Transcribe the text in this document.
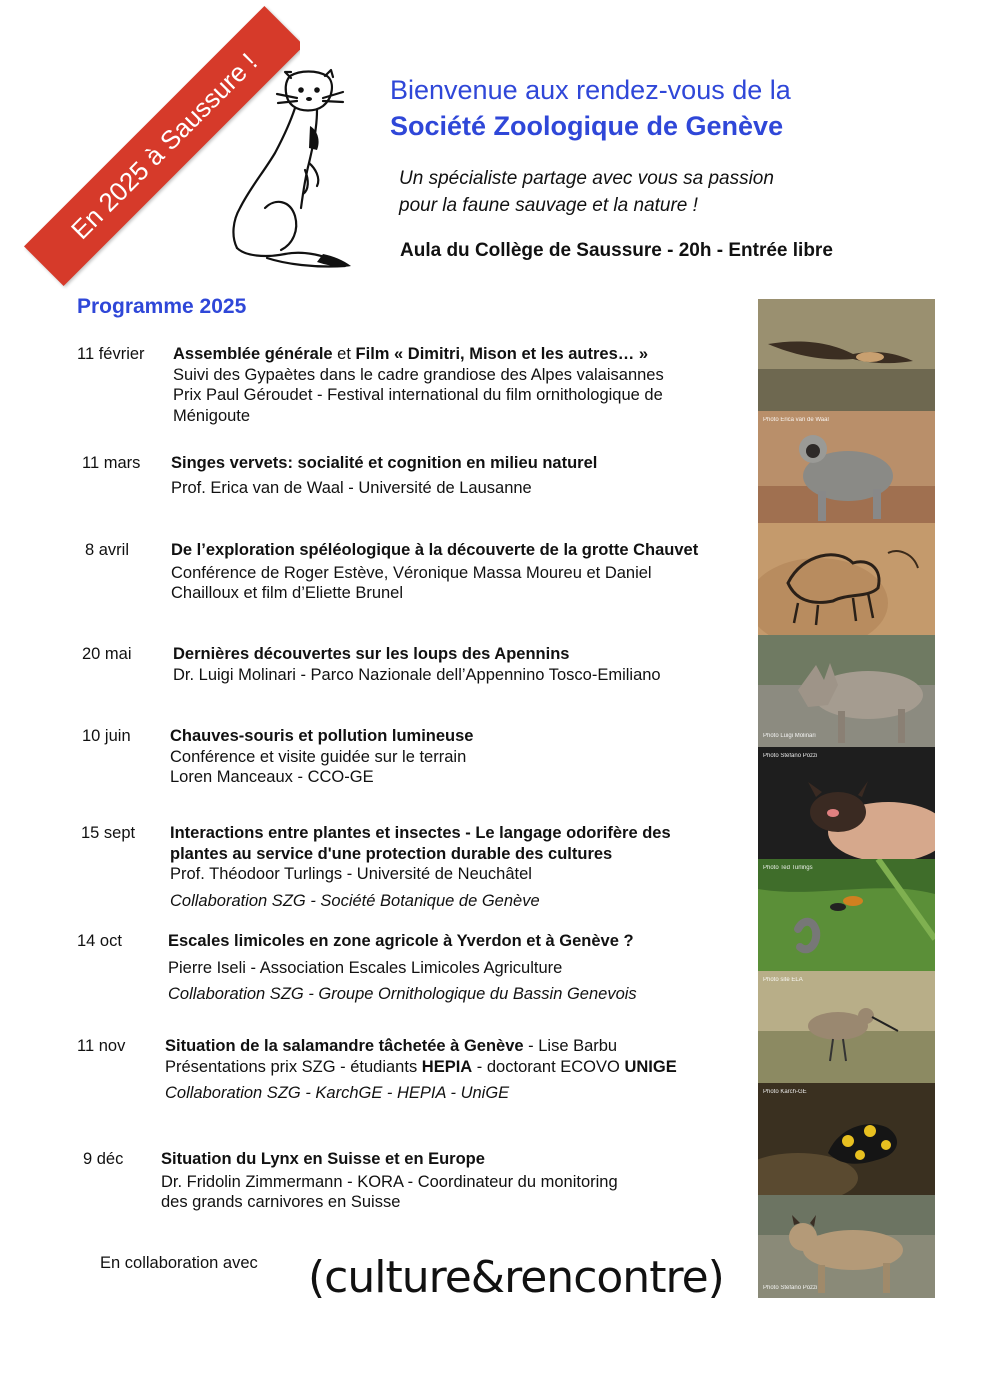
En 2025 à Saussure !	Bienvenue aux rendez-vous de la
Société Zoologique de Genève
Un spécialiste partage avec vous sa passion
pour la faune sauvage et la nature !
Aula du Collège de Saussure - 20h - Entrée libre
Programme 2025
11 février Assemblée générale et Film « Dimitri, Mison et les autres… »
Suivi des Gypaètes dans le cadre grandiose des Alpes valaisannes
Prix Paul Géroudet - Festival international du film ornithologique de
Ménigoute
11 mars Singes vervets: socialité et cognition en milieu naturel
Prof. Erica van de Waal - Université de Lausanne
8 avril	De l’exploration spéléologique à la découverte de la grotte Chauvet
Conférence de Roger Estève, Véronique Massa Moureu et Daniel
Chailloux et film d’Eliette Brunel
20 mai	Dernières découvertes sur les loups des Apennins
Dr. Luigi Molinari - Parco Nazionale dell’Appennino Tosco-Emiliano
10 juin Chauves-souris et pollution lumineuse
Conférence et visite guidée sur le terrain
Loren Manceaux - CCO-GE
15 sept Interactions entre plantes et insectes - Le langage odorifère des
plantes au service d'une protection durable des cultures
Prof. Théodoor Turlings - Université de Neuchâtel
Collaboration SZG - Société Botanique de Genève
14 oct	Escales limicoles en zone agricole à Yverdon et à Genève ?
Pierre Iseli - Association Escales Limicoles Agriculture
Collaboration SZG - Groupe Ornithologique du Bassin Genevois
11 nov Situation de la salamandre tâchetée à Genève - Lise Barbu
Présentations prix SZG - étudiants HEPIA - doctorant ECOVO UNIGE
Collaboration SZG - KarchGE - HEPIA - UniGE
9 déc Situation du Lynx en Suisse et en Europe
Dr. Fridolin Zimmermann - KORA - Coordinateur du monitoring
des grands carnivores en Suisse
Photo Erica van de Waal
Photo Luigi Molinari
Photo Stefano Pozzi
Photo Ted Turlings
Photo site ELA
Photo Karch-GE
Photo Stefano Pozzi
En collaboration avec (culture&rencontre)
